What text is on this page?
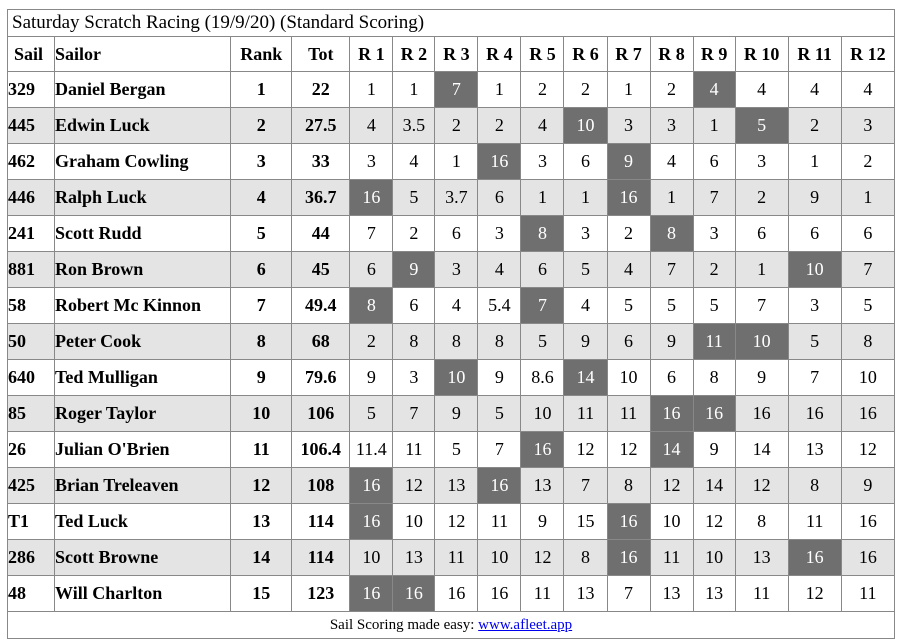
Saturday Scratch Racing (19/9/20) (Standard Scoring)															
Sail	Sailor	Rank	Tot	R 1	R 2	R 3	R 4	R 5	R 6	R 7	R 8	R 9	R 10	R 11	R 12
329	Daniel Bergan	1	22	1	1	7	1	2	2	1	2	4	4	4	4
445	Edwin Luck	2	27.5	4	3.5	2	2	4	10	3	3	1	5	2	3
462	Graham Cowling	3	33	3	4	1	16	3	6	9	4	6	3	1	2
446	Ralph Luck	4	36.7	16	5	3.7	6	1	1	16	1	7	2	9	1
241	Scott Rudd	5	44	7	2	6	3	8	3	2	8	3	6	6	6
881	Ron Brown	6	45	6	9	3	4	6	5	4	7	2	1	10	7
58	Robert Mc Kinnon	7	49.4	8	6	4	5.4	7	4	5	5	5	7	3	5
50	Peter Cook	8	68	2	8	8	8	5	9	6	9	11	10	5	8
640	Ted Mulligan	9	79.6	9	3	10	9	8.6	14	10	6	8	9	7	10
85	Roger Taylor	10	106	5	7	9	5	10	11	11	16	16	16	16	16
26	Julian O'Brien	11	106.4	11.4	11	5	7	16	12	12	14	9	14	13	12
425	Brian Treleaven	12	108	16	12	13	16	13	7	8	12	14	12	8	9
T1	Ted Luck	13	114	16	10	12	11	9	15	16	10	12	8	11	16
286	Scott Browne	14	114	10	13	11	10	12	8	16	11	10	13	16	16
48	Will Charlton	15	123	16	16	16	16	11	13	7	13	13	11	12	11
Sail Scoring made easy: www.afleet.app															
